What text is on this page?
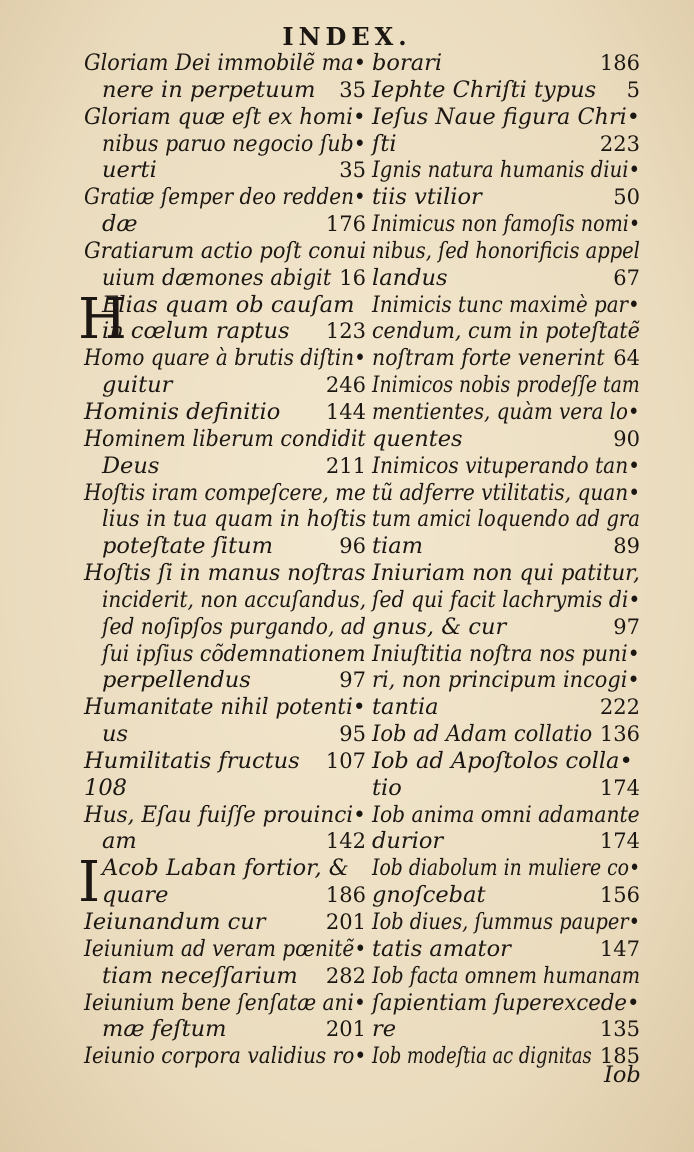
INDEX.
Gloriam Dei immobilẽ ma•
nere in perpetuum 35
Gloriam quæ eſt ex homi•
nibus paruo negocio ſub•
uerti	35
Gratiæ ſemper deo redden•
dæ	176
Gratiarum actio poſt conui
uium dæmones abigit 16
H
Elias quam ob cauſam
in cœlum raptus 123
Homo quare à brutis diſtin•
guitur	246
Hominis definitio 144
Hominem liberum condidit
Deus	211
Hoſtis iram compeſcere, me
lius in tua quam in hoſtis
poteſtate ſitum	96
Hoſtis ſi in manus noſtras
inciderit, non accuſandus,
ſed noſipſos purgando, ad
ſui ipſius cõdemnationem
perpellendus	97
Humanitate nihil potenti•
us	95
Humilitatis fructus 107
108
Hus, Eſau fuiſſe prouinci•
am	142
I Acob Laban fortior, &
quare	186
Ieiunandum cur	201
Ieiunium ad veram pœnitẽ•
tiam neceſſarium 282
Ieiunium bene ſenſatæ ani•
mæ feſtum	201
Ieiunio corpora validius ro•
borari	186
Iephte Chriſti typus 5
Ieſus Naue figura Chri•
ſti	223
Ignis natura humanis diui•
tiis vtilior	50
Inimicus non famoſis nomi•
nibus, ſed honorificis appel
landus	67
Inimicis tunc maximè par•
cendum, cum in poteſtatẽ
noſtram forte venerint 64
Inimicos nobis prodeſſe tam
mentientes, quàm vera lo•
quentes	90
Inimicos vituperando tan•
tũ adferre vtilitatis, quan•
tum amici loquendo ad gra
tiam	89
Iniuriam non qui patitur,
ſed qui facit lachrymis di•
gnus, & cur	97
Iniuſtitia noſtra nos puni•
ri, non principum incogi•
tantia	222
Iob ad Adam collatio 136
Iob ad Apoſtolos colla•
tio	174
Iob anima omni adamante
durior	174
Iob diabolum in muliere co•
gnoſcebat	156
Iob diues, ſummus pauper•
tatis amator	147
Iob facta omnem humanam
ſapientiam ſuperexcede•
re	135
Iob modeſtia ac dignitas 185
Iob
